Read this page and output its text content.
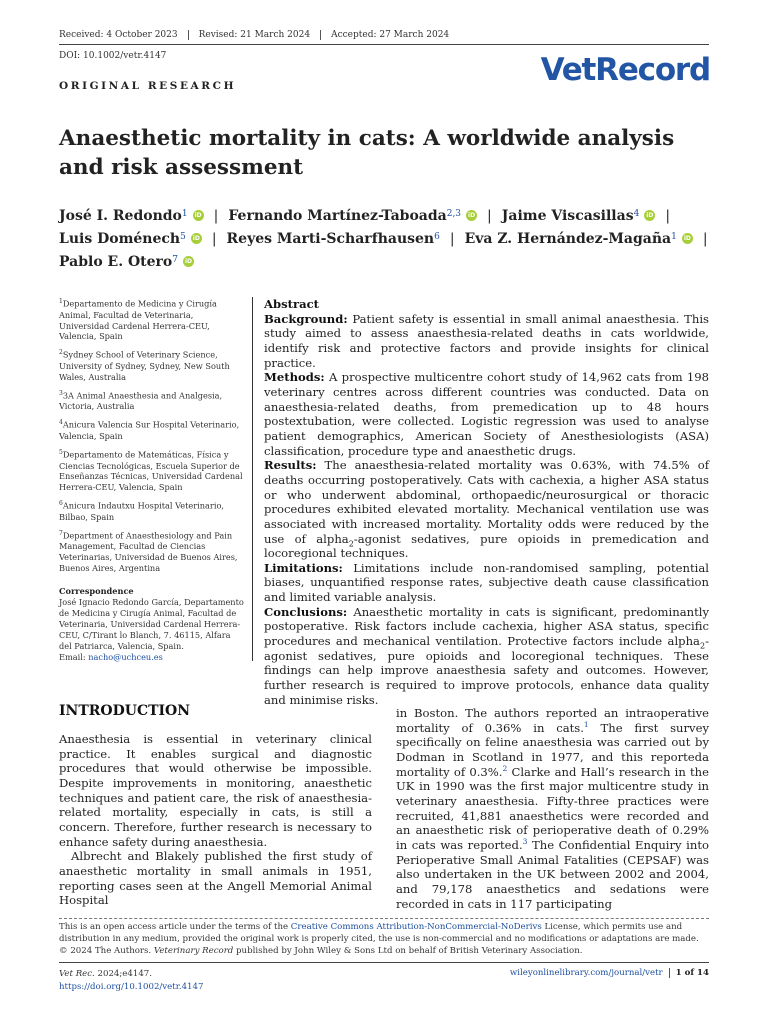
Received: 4 October 2023	Revised: 21 March 2024	Accepted: 27 March 2024
DOI: 10.1002/vetr.4147
ORIGINAL RESEARCH	VetRecord
Anaesthetic mortality in cats: A worldwide analysis and risk assessment
José I. Redondo$^1$ iD | Fernando Martínez-Taboada$^{2,3}$ iD | Jaime Viscasillas$^4$ iD |
Luis Doménech$^5$ iD | Reyes Marti-Scharfhausen$^6$ | Eva Z. Hernández-Magaña$^1$ iD |
Pablo E. Otero$^7$ iD
$^1$Departamento de Medicina y Cirugía Animal, Facultad de Veterinaria, Universidad Cardenal Herrera-CEU, Valencia, Spain
$^2$Sydney School of Veterinary Science, University of Sydney, Sydney, New South Wales, Australia
$^3$3A Animal Anaesthesia and Analgesia, Victoria, Australia
$^4$Anicura Valencia Sur Hospital Veterinario, Valencia, Spain
$^5$Departamento de Matemáticas, Física y Ciencias Tecnológicas, Escuela Superior de Enseñanzas Técnicas, Universidad Cardenal Herrera-CEU, Valencia, Spain
$^6$Anicura Indautxu Hospital Veterinario, Bilbao, Spain
$^7$Department of Anaesthesiology and Pain Management, Facultad de Ciencias Veterinarias, Universidad de Buenos Aires, Buenos Aires, Argentina
Correspondence
José Ignacio Redondo García, Departamento de Medicina y Cirugía Animal, Facultad de Veterinaria, Universidad Cardenal Herrera-CEU, C/Tirant lo Blanch, 7. 46115, Alfara del Patriarca, Valencia, Spain.
Email: nacho@uchceu.es
Abstract
Background: Patient safety is essential in small animal anaesthesia. This study aimed to assess anaesthesia-related deaths in cats worldwide, identify risk and protective factors and provide insights for clinical practice.
Methods: A prospective multicentre cohort study of 14,962 cats from 198 veterinary centres across different countries was conducted. Data on anaesthesia-related deaths, from premedication up to 48 hours postextubation, were collected. Logistic regression was used to analyse patient demographics, American Society of Anesthesiologists (ASA) classification, procedure type and anaesthetic drugs.
Results: The anaesthesia-related mortality was 0.63%, with 74.5% of deaths occurring postoperatively. Cats with cachexia, a higher ASA status or who underwent abdominal, orthopaedic/neurosurgical or thoracic procedures exhibited elevated mortality. Mechanical ventilation use was associated with increased mortality. Mortality odds were reduced by the use of alpha$_2$-agonist sedatives, pure opioids in premedication and locoregional techniques.
Limitations: Limitations include non-randomised sampling, potential biases, unquantified response rates, subjective death cause classification and limited variable analysis.
Conclusions: Anaesthetic mortality in cats is significant, predominantly postoperative. Risk factors include cachexia, higher ASA status, specific procedures and mechanical ventilation. Protective factors include alpha$_2$-agonist sedatives, pure opioids and locoregional techniques. These findings can help improve anaesthesia safety and outcomes. However, further research is required to improve protocols, enhance data quality and minimise risks.
INTRODUCTION

Anaesthesia is essential in veterinary clinical practice. It enables surgical and diagnostic procedures that would otherwise be impossible. Despite improvements in monitoring, anaesthetic techniques and patient care, the risk of anaesthesia-related mortality, especially in cats, is still a concern. Therefore, further research is necessary to enhance safety during anaesthesia.

Albrecht and Blakely published the first study of anaesthetic mortality in small animals in 1951, reporting cases seen at the Angell Memorial Animal Hospital

in Boston. The authors reported an intraoperative mortality of 0.36% in cats.$^1$ The first survey specifically on feline anaesthesia was carried out by Dodman in Scotland in 1977, and this reporteda mortality of 0.3%.$^2$ Clarke and Hall’s research in the UK in 1990 was the first major multicentre study in veterinary anaesthesia. Fifty-three practices were recruited, 41,881 anaesthetics were recorded and an anaesthetic risk of perioperative death of 0.29% in cats was reported.$^3$ The Confidential Enquiry into Perioperative Small Animal Fatalities (CEPSAF) was also undertaken in the UK between 2002 and 2004, and 79,178 anaesthetics and sedations were recorded in cats in 117 participating

This is an open access article under the terms of the Creative Commons Attribution-NonCommercial-NoDerivs License, which permits use and distribution in any medium, provided the original work is properly cited, the use is non-commercial and no modifications or adaptations are made.

© 2024 The Authors. Veterinary Record published by John Wiley & Sons Ltd on behalf of British Veterinary Association.

Vet Rec. 2024;e4147.
https://doi.org/10.1002/vetr.4147
wileyonlinelibrary.com/journal/vetr 1 of 14
